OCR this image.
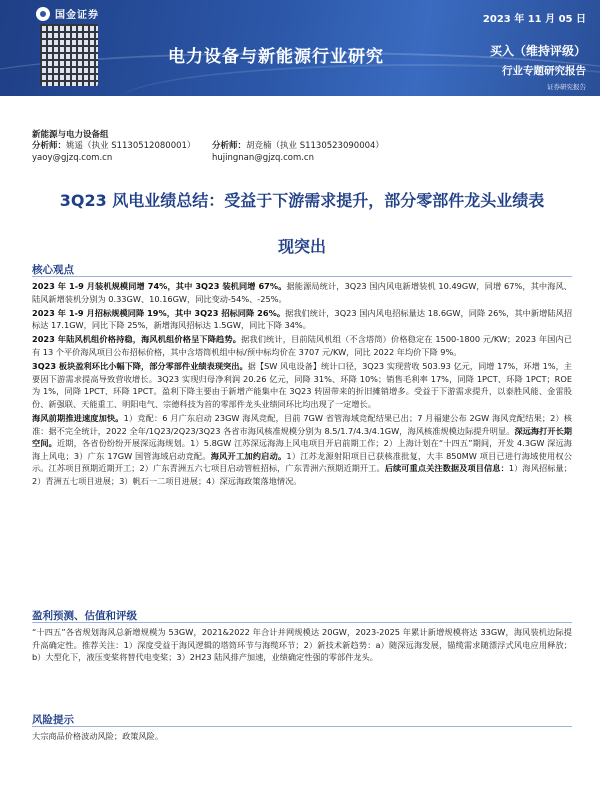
国金证券	2023 年 11 月 05 日
电力设备与新能源行业研究	买入（维持评级）
行业专题研究报告
证券研究报告
新能源与电力设备组
分析师：姚遥（执业 S1130512080001）
yaoy@gjzq.com.cn
分析师：胡竞楠（执业 S1130523090004）
hujingnan@gjzq.com.cn
3Q23 风电业绩总结：受益于下游需求提升，部分零部件龙头业绩表
现突出
核心观点

2023 年 1-9 月装机规模同增 74%，其中 3Q23 装机同增 67%。据能源局统计，3Q23 国内风电新增装机 10.49GW，同增 67%，其中海风、陆风新增装机分别为 0.33GW、10.16GW，同比变动-54%、-25%。

2023 年 1-9 月招标规模同降 19%，其中 3Q23 招标同降 26%。据我们统计，3Q23 国内风电招标量达 18.6GW，同降 26%，其中新增陆风招标达 17.1GW，同比下降 25%，新增海风招标达 1.5GW，同比下降 34%。

2023 年陆风机组价格持稳，海风机组价格呈下降趋势。据我们统计，目前陆风机组（不含塔筒）价格稳定在 1500-1800 元/KW；2023 年国内已有 13 个平价海风项目公布招标价格，其中含塔筒机组中标/预中标均价在 3707 元/KW，同比 2022 年均价下降 9%。

3Q23 板块盈利环比小幅下降，部分零部件业绩表现突出。据【SW 风电设备】统计口径，3Q23 实现营收 503.93 亿元，同增 17%，环增 1%，主要因下游需求提高导致营收增长。3Q23 实现归母净利润 20.26 亿元，同降 31%、环降 10%；销售毛利率 17%，同降 1PCT、环降 1PCT；ROE 为 1%，同降 1PCT、环降 1PCT。盈利下降主要由于新增产能集中在 3Q23 转固带来的折旧摊销增多。受益于下游需求提升，以泰胜风能、金雷股份、新强联、天能重工、明阳电气、宗德科技为首的零部件龙头业绩同环比均出现了一定增长。

海风前期推进速度加快。1）竞配：6 月广东启动 23GW 海风竞配，目前 7GW 省管海域竞配结果已出；7 月福建公布 2GW 海风竞配结果；2）核准：据不完全统计，2022 全年/1Q23/2Q23/3Q23 各省市海风核准规模分别为 8.5/1.7/4.3/4.1GW，海风核准规模边际提升明显。深远海打开长期空间。近期，各省份纷纷开展深远海规划。1）5.8GW 江苏深远海海上风电项目开启前期工作；2）上海计划在“十四五”期间，开发 4.3GW 深远海海上风电；3）广东 17GW 国管海域启动竞配。海风开工加约启动。1）江苏龙源射阳项目已获核准批复，大丰 850MW 项目已进行海域使用权公示。江苏项目预期近期开工；2）广东青洲五六七项目启动管桩招标，广东青洲六预期近期开工。后续可重点关注数据及项目信息：1）海风招标量；2）青洲五七项目进展；3）帆石一二项目进展；4）深远海政策落地情况。

盈利预测、估值和评级

“十四五”各省规划海风总新增规模为 53GW，2021&2022 年合计并网规模达 20GW，2023-2025 年累计新增规模将达 33GW，海风装机边际提升高确定性。推荐关注：1）深度受益于海风逻辑的塔筒环节与海缆环节；2）新技术新趋势：a）随深远海发展，锚缆需求随漂浮式风电应用释放；b）大型化下，液压变桨将替代电变桨；3）2H23 陆风排产加速，业绩确定性强的零部件龙头。

风险提示

大宗商品价格波动风险；政策风险。
